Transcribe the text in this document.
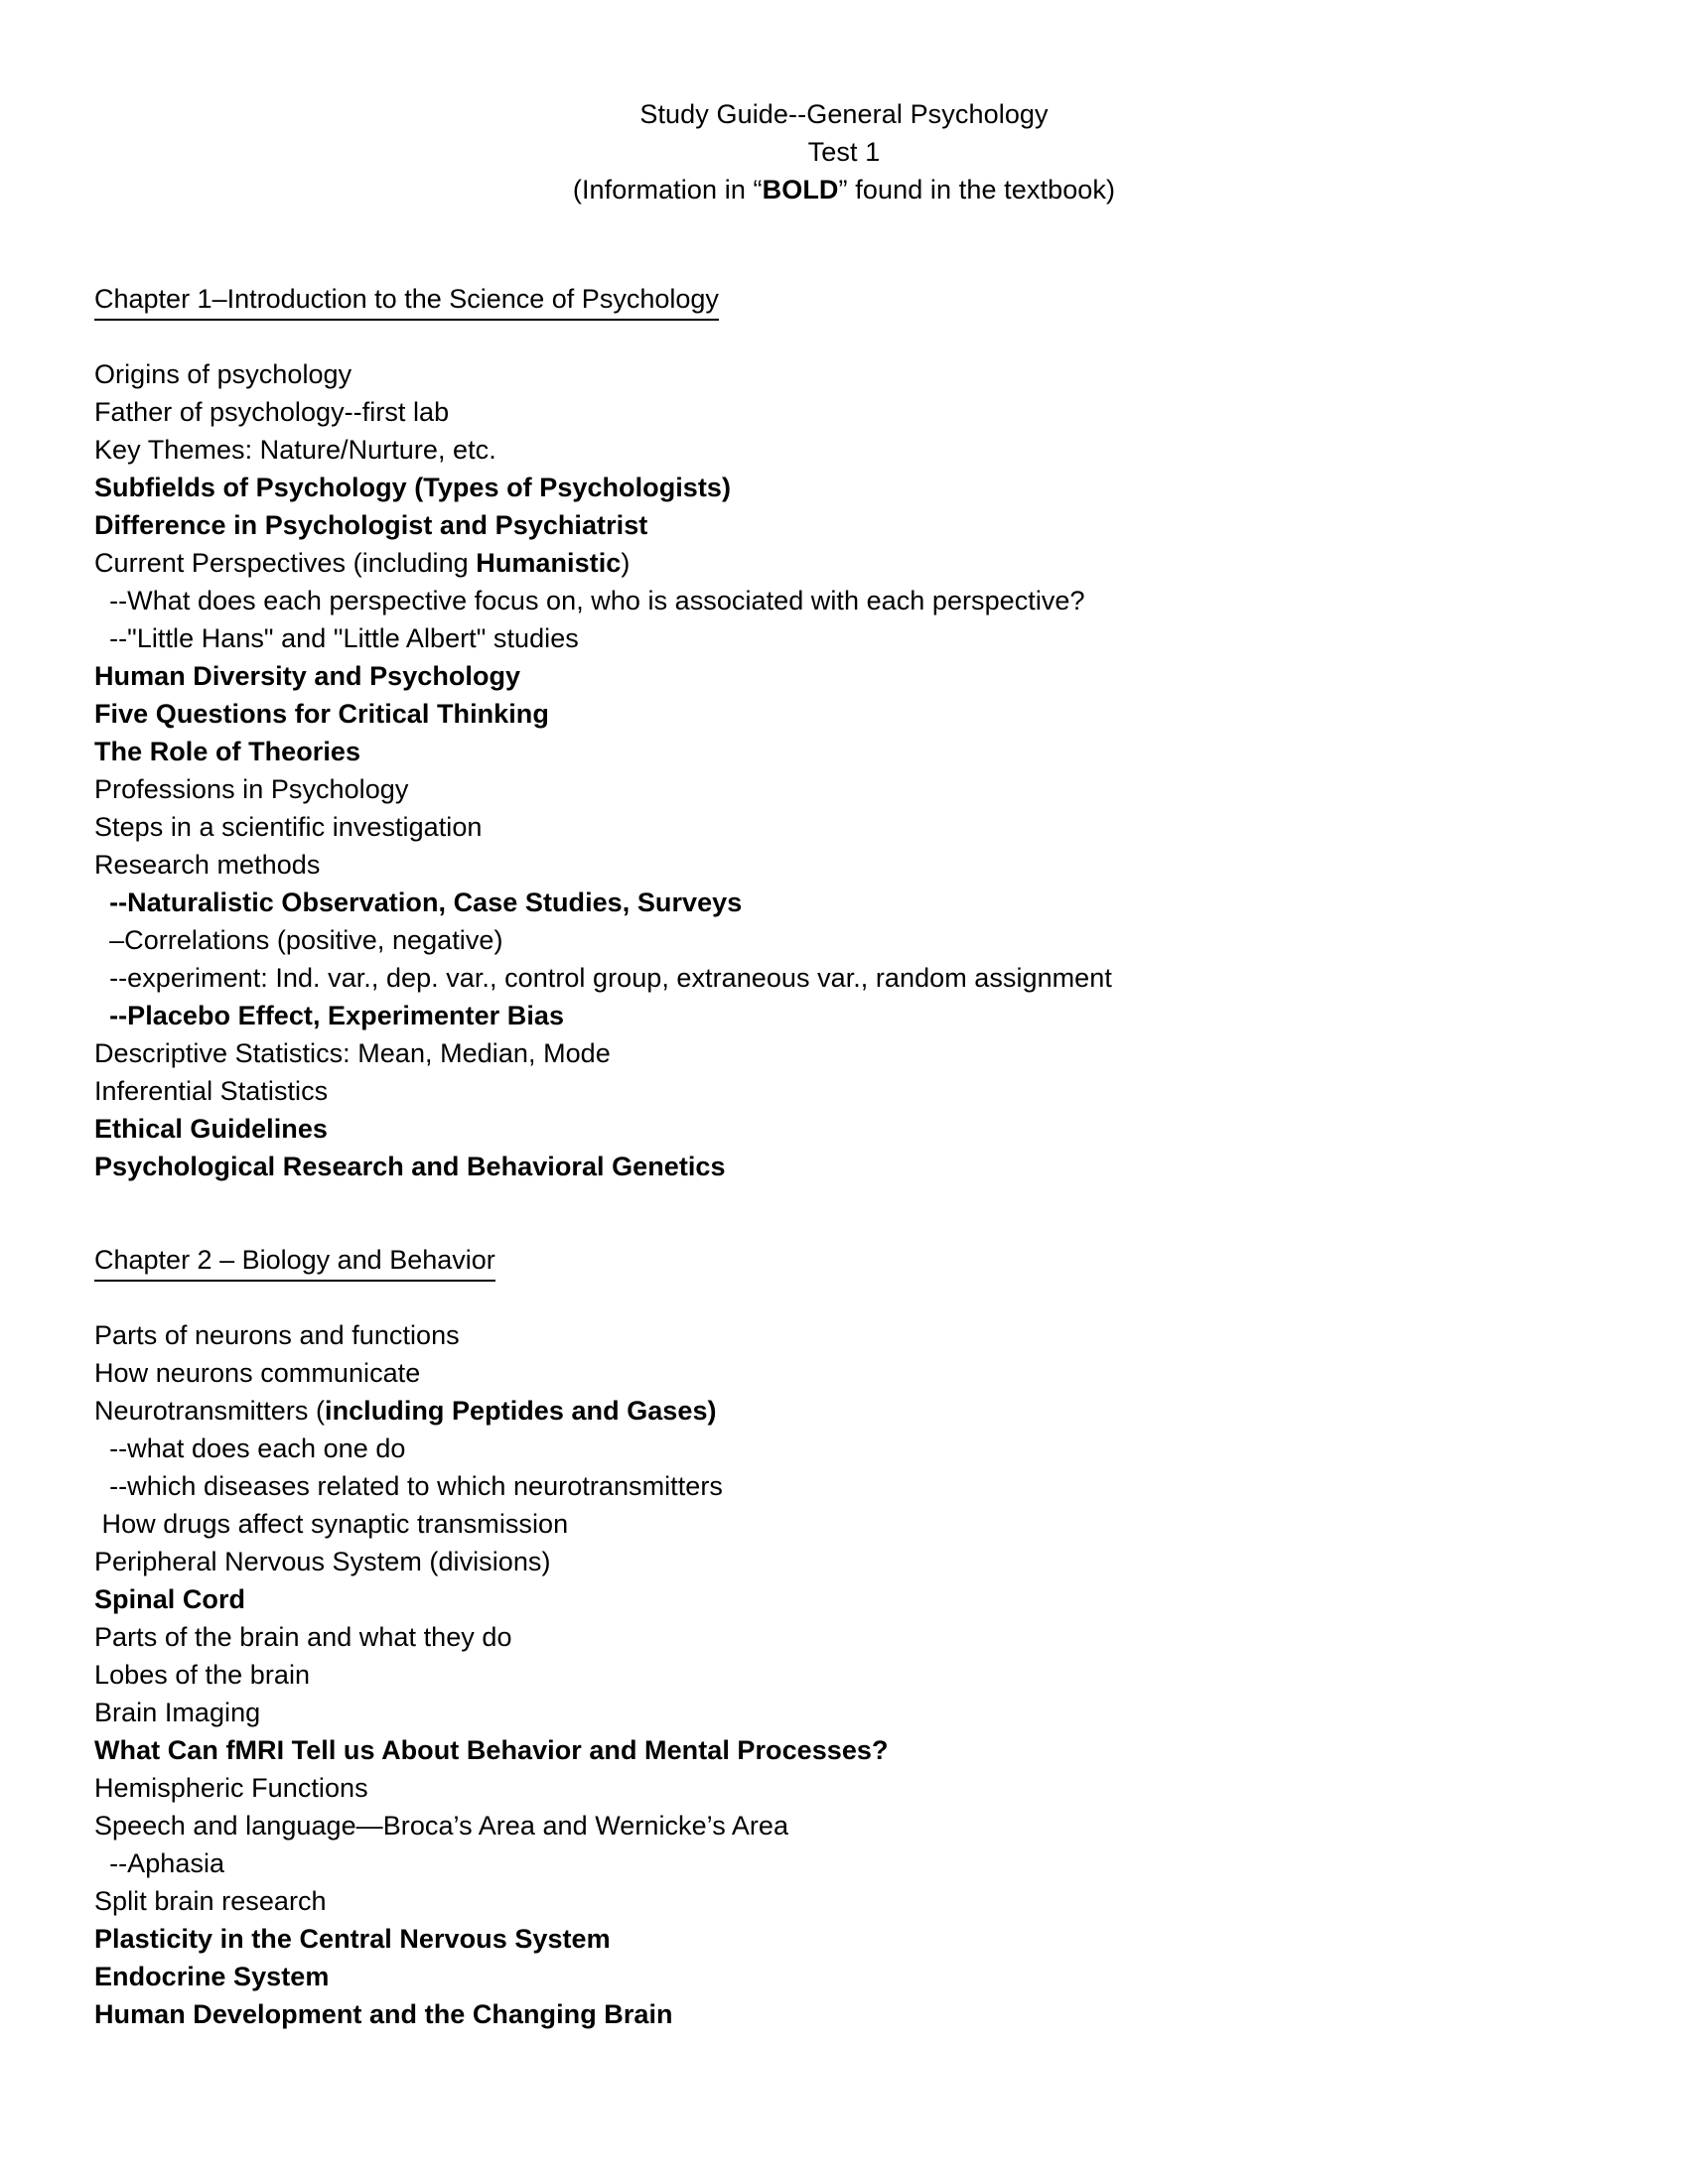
Study Guide--General Psychology
Test 1
(Information in “BOLD” found in the textbook)
Chapter 1–Introduction to the Science of Psychology
Origins of psychology
Father of psychology--first lab
Key Themes: Nature/Nurture, etc.
Subfields of Psychology (Types of Psychologists)
Difference in Psychologist and Psychiatrist
Current Perspectives (including Humanistic)
--What does each perspective focus on, who is associated with each perspective?
--"Little Hans" and "Little Albert" studies
Human Diversity and Psychology
Five Questions for Critical Thinking
The Role of Theories
Professions in Psychology
Steps in a scientific investigation
Research methods
--Naturalistic Observation, Case Studies, Surveys
–Correlations (positive, negative)
--experiment: Ind. var., dep. var., control group, extraneous var., random assignment
--Placebo Effect, Experimenter Bias
Descriptive Statistics: Mean, Median, Mode
Inferential Statistics
Ethical Guidelines
Psychological Research and Behavioral Genetics
Chapter 2 – Biology and Behavior
Parts of neurons and functions
How neurons communicate
Neurotransmitters (including Peptides and Gases)
--what does each one do
--which diseases related to which neurotransmitters
How drugs affect synaptic transmission
Peripheral Nervous System (divisions)
Spinal Cord
Parts of the brain and what they do
Lobes of the brain
Brain Imaging
What Can fMRI Tell us About Behavior and Mental Processes?
Hemispheric Functions
Speech and language—Broca’s Area and Wernicke’s Area
--Aphasia
Split brain research
Plasticity in the Central Nervous System
Endocrine System
Human Development and the Changing Brain
